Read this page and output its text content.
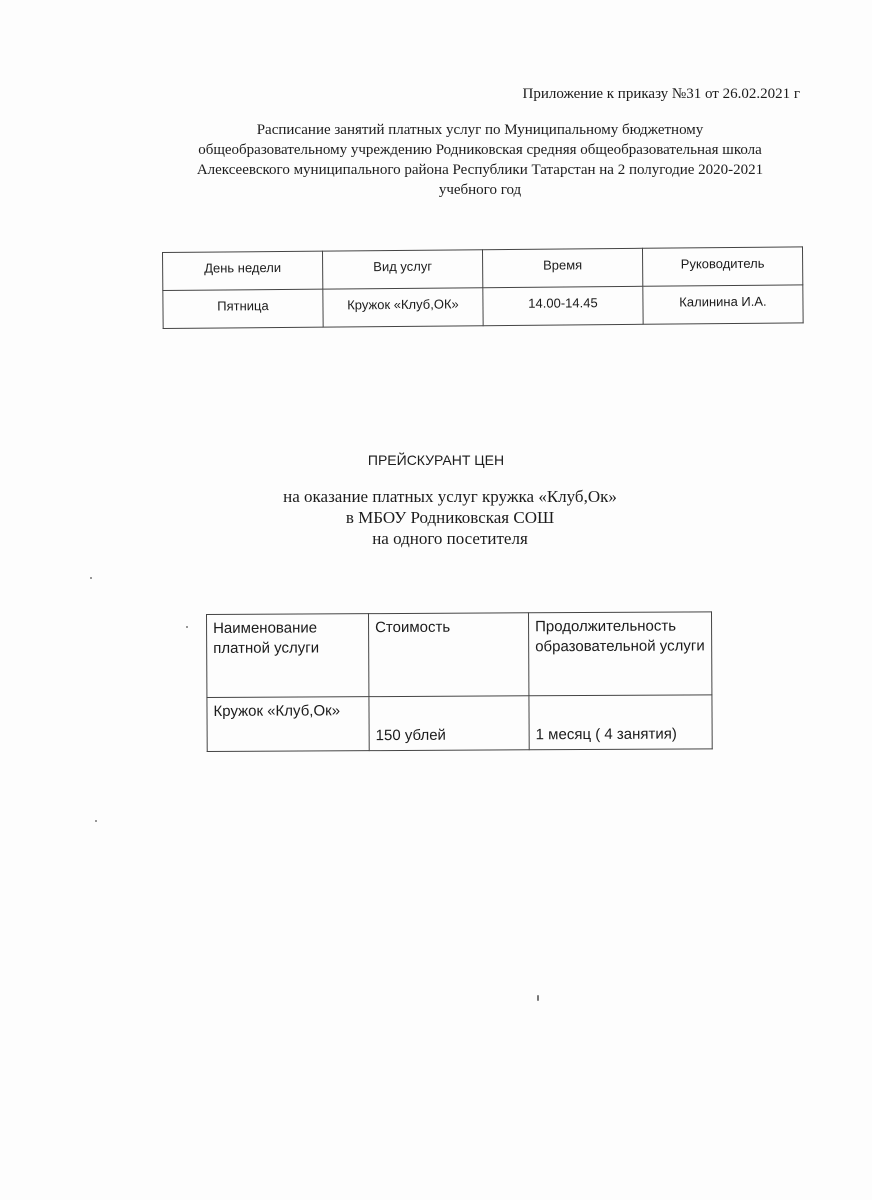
Приложение к приказу №31 от 26.02.2021 г
Расписание занятий платных услуг по Муниципальному бюджетному
общеобразовательному учреждению Родниковская средняя общеобразовательная школа
Алексеевского муниципального района Республики Татарстан на 2 полугодие 2020-2021
учебного год
День недели	Вид услуг	Время	Руководитель
Пятница	Кружок «Клуб,ОК»	14.00-14.45	Калинина И.А.
ПРЕЙСКУРАНТ ЦЕН
на оказание платных услуг кружка «Клуб,Ок»
в МБОУ Родниковская СОШ
на одного посетителя
Наименование платной услуги	Стоимость	Продолжительность образовательной услуги
Кружок «Клуб,Ок»	150 ублей	1 месяц ( 4 занятия)
